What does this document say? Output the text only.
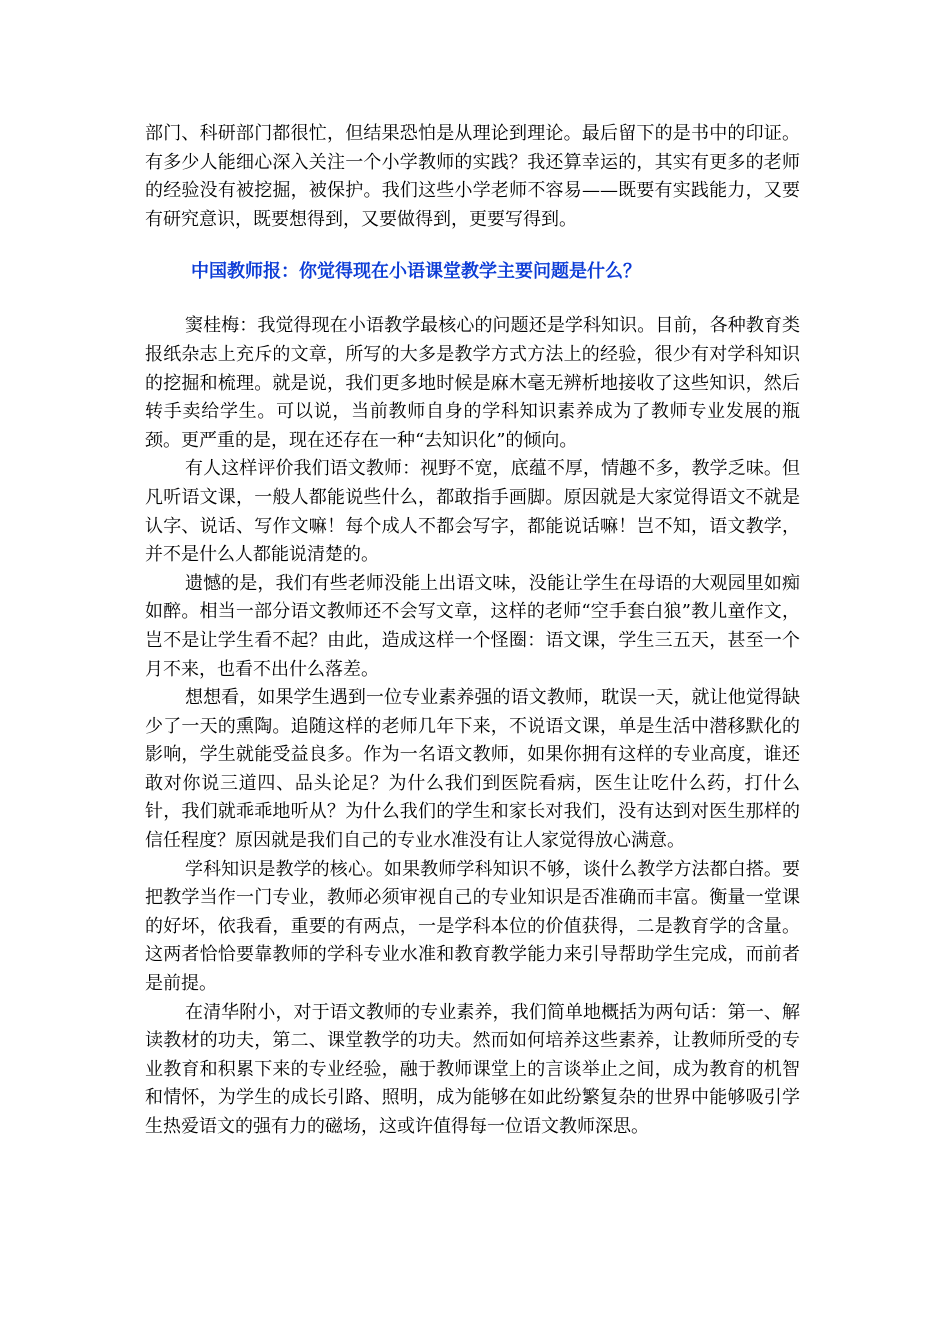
部门、科研部门都很忙，但结果恐怕是从理论到理论。最后留下的是书中的印证。有多少人能细心深入关注一个小学教师的实践？我还算幸运的，其实有更多的老师的经验没有被挖掘，被保护。我们这些小学老师不容易——既要有实践能力，又要有研究意识，既要想得到，又要做得到，更要写得到。

中国教师报：你觉得现在小语课堂教学主要问题是什么？

窦桂梅：我觉得现在小语教学最核心的问题还是学科知识。目前，各种教育类报纸杂志上充斥的文章，所写的大多是教学方式方法上的经验，很少有对学科知识的挖掘和梳理。就是说，我们更多地时候是麻木毫无辨析地接收了这些知识，然后转手卖给学生。可以说，当前教师自身的学科知识素养成为了教师专业发展的瓶颈。更严重的是，现在还存在一种“去知识化”的倾向。

有人这样评价我们语文教师：视野不宽，底蕴不厚，情趣不多，教学乏味。但凡听语文课，一般人都能说些什么，都敢指手画脚。原因就是大家觉得语文不就是认字、说话、写作文嘛！每个成人不都会写字，都能说话嘛！岂不知，语文教学，并不是什么人都能说清楚的。

遗憾的是，我们有些老师没能上出语文味，没能让学生在母语的大观园里如痴如醉。相当一部分语文教师还不会写文章，这样的老师“空手套白狼”教儿童作文，岂不是让学生看不起？由此，造成这样一个怪圈：语文课，学生三五天，甚至一个月不来，也看不出什么落差。

想想看，如果学生遇到一位专业素养强的语文教师，耽误一天，就让他觉得缺少了一天的熏陶。追随这样的老师几年下来，不说语文课，单是生活中潜移默化的影响，学生就能受益良多。作为一名语文教师，如果你拥有这样的专业高度，谁还敢对你说三道四、品头论足？为什么我们到医院看病，医生让吃什么药，打什么针，我们就乖乖地听从？为什么我们的学生和家长对我们，没有达到对医生那样的信任程度？原因就是我们自己的专业水准没有让人家觉得放心满意。

学科知识是教学的核心。如果教师学科知识不够，谈什么教学方法都白搭。要把教学当作一门专业，教师必须审视自己的专业知识是否准确而丰富。衡量一堂课的好坏，依我看，重要的有两点，一是学科本位的价值获得，二是教育学的含量。这两者恰恰要靠教师的学科专业水准和教育教学能力来引导帮助学生完成，而前者是前提。

在清华附小，对于语文教师的专业素养，我们简单地概括为两句话：第一、解读教材的功夫，第二、课堂教学的功夫。然而如何培养这些素养，让教师所受的专业教育和积累下来的专业经验，融于教师课堂上的言谈举止之间，成为教育的机智和情怀，为学生的成长引路、照明，成为能够在如此纷繁复杂的世界中能够吸引学生热爱语文的强有力的磁场，这或许值得每一位语文教师深思。
